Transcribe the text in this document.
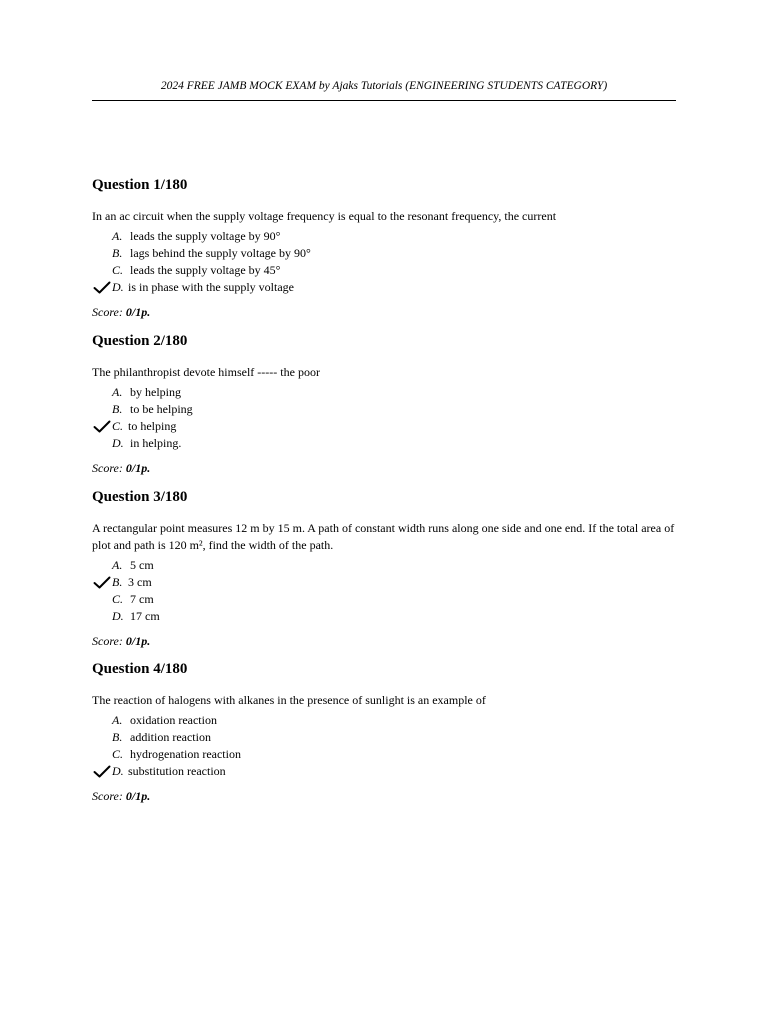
2024 FREE JAMB MOCK EXAM by Ajaks Tutorials (ENGINEERING STUDENTS CATEGORY)
Question 1/180
In an ac circuit when the supply voltage frequency is equal to the resonant frequency, the current
A. leads the supply voltage by 90°
B. lags behind the supply voltage by 90°
C. leads the supply voltage by 45°
D. is in phase with the supply voltage
Score: 0/1p.
Question 2/180
The philanthropist devote himself ----- the poor
A. by helping
B. to be helping
C. to helping
D. in helping.
Score: 0/1p.
Question 3/180
A rectangular point measures 12 m by 15 m. A path of constant width runs along one side and one end. If the total area of plot and path is 120 m², find the width of the path.
A. 5 cm
B. 3 cm
C. 7 cm
D. 17 cm
Score: 0/1p.
Question 4/180
The reaction of halogens with alkanes in the presence of sunlight is an example of
A. oxidation reaction
B. addition reaction
C. hydrogenation reaction
D. substitution reaction
Score: 0/1p.
